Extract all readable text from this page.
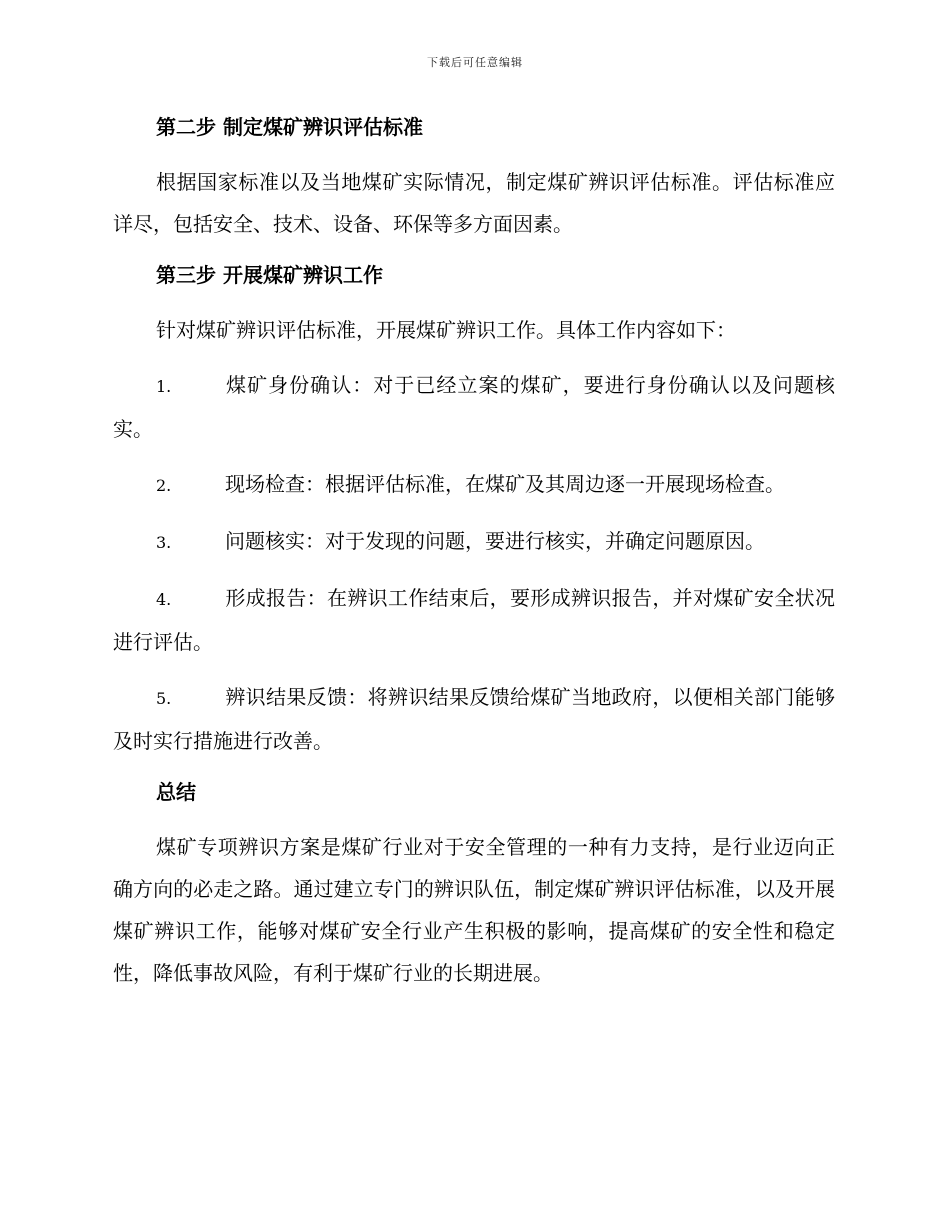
下载后可任意编辑
第二步 制定煤矿辨识评估标准

根据国家标准以及当地煤矿实际情况，制定煤矿辨识评估标准。评估标准应详尽，包括安全、技术、设备、环保等多方面因素。

第三步 开展煤矿辨识工作

针对煤矿辨识评估标准，开展煤矿辨识工作。具体工作内容如下：

1.	煤矿身份确认：对于已经立案的煤矿，要进行身份确认以及问题核实。

2.	现场检查：根据评估标准，在煤矿及其周边逐一开展现场检查。

3.	问题核实：对于发现的问题，要进行核实，并确定问题原因。

4.	形成报告：在辨识工作结束后，要形成辨识报告，并对煤矿安全状况进行评估。

5.	辨识结果反馈：将辨识结果反馈给煤矿当地政府，以便相关部门能够及时实行措施进行改善。

总结

煤矿专项辨识方案是煤矿行业对于安全管理的一种有力支持，是行业迈向正确方向的必走之路。通过建立专门的辨识队伍，制定煤矿辨识评估标准，以及开展煤矿辨识工作，能够对煤矿安全行业产生积极的影响，提高煤矿的安全性和稳定性，降低事故风险，有利于煤矿行业的长期进展。
